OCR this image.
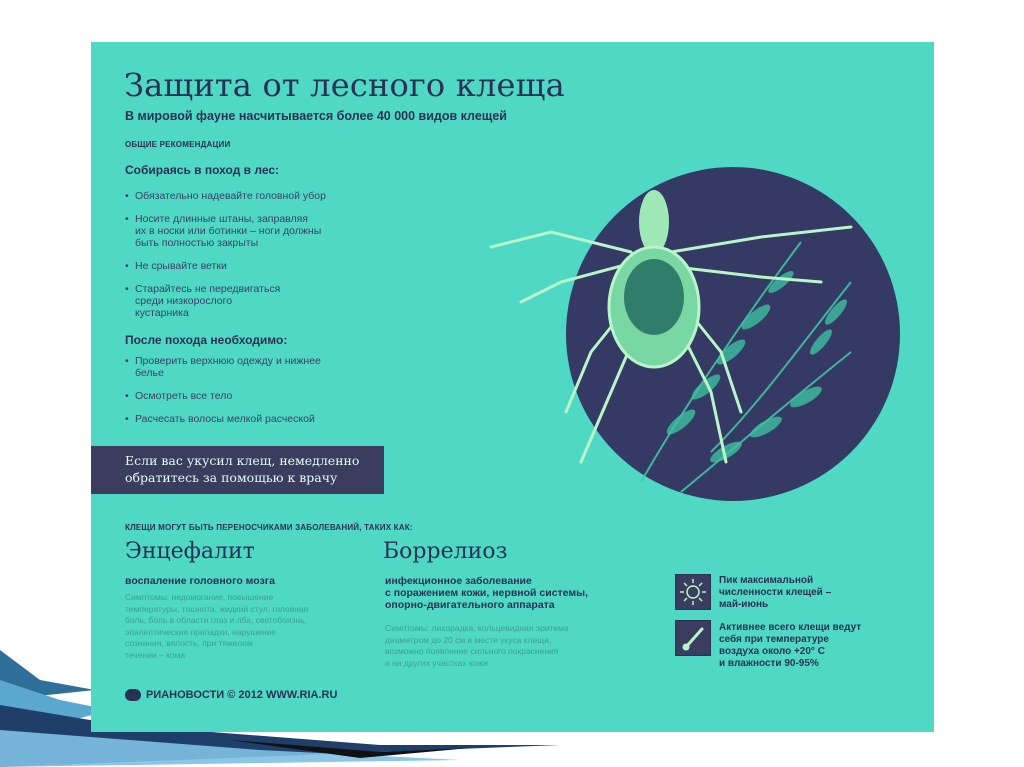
Защита от лесного клеща
В мировой фауне насчитывается более 40 000 видов клещей
ОБЩИЕ РЕКОМЕНДАЦИИ
Собираясь в поход в лес:
• Обязательно надевайте головной убор
• Носите длинные штаны, заправляя
их в носки или ботинки – ноги должны
быть полностью закрыты
• Не срывайте ветки
• Старайтесь не передвигаться
среди низкорослого
кустарника
После похода необходимо:
• Проверить верхнюю одежду и нижнее
белье
• Осмотреть все тело
• Расчесать волосы мелкой расческой
Если вас укусил клещ, немедленно
обратитесь за помощью к врачу
КЛЕЩИ МОГУТ БЫТЬ ПЕРЕНОСЧИКАМИ ЗАБОЛЕВАНИЙ, ТАКИХ КАК:
Энцефалит
воспаление головного мозга
Симптомы: недомогание, повышение
температуры, тошнота, жидкий стул, головная
боль, боль в области глаз и лба, светобоязнь,
эпилептические припадки, нарушение
сознания, вялость, при тяжелом
течении – кома
Боррелиоз
инфекционное заболевание
с поражением кожи, нервной системы,
опорно-двигательного аппарата
Симптомы: лихорадка, кольцевидная эритема
диаметром до 20 см в месте укуса клеща,
возможно появление сильного покраснения
и на других участках кожи
Пик максимальной
численности клещей –
май-июнь
Активнее всего клещи ведут
себя при температуре
воздуха около +20° С
и влажности 90-95%
РИАНОВОСТИ © 2012 WWW.RIA.RU
